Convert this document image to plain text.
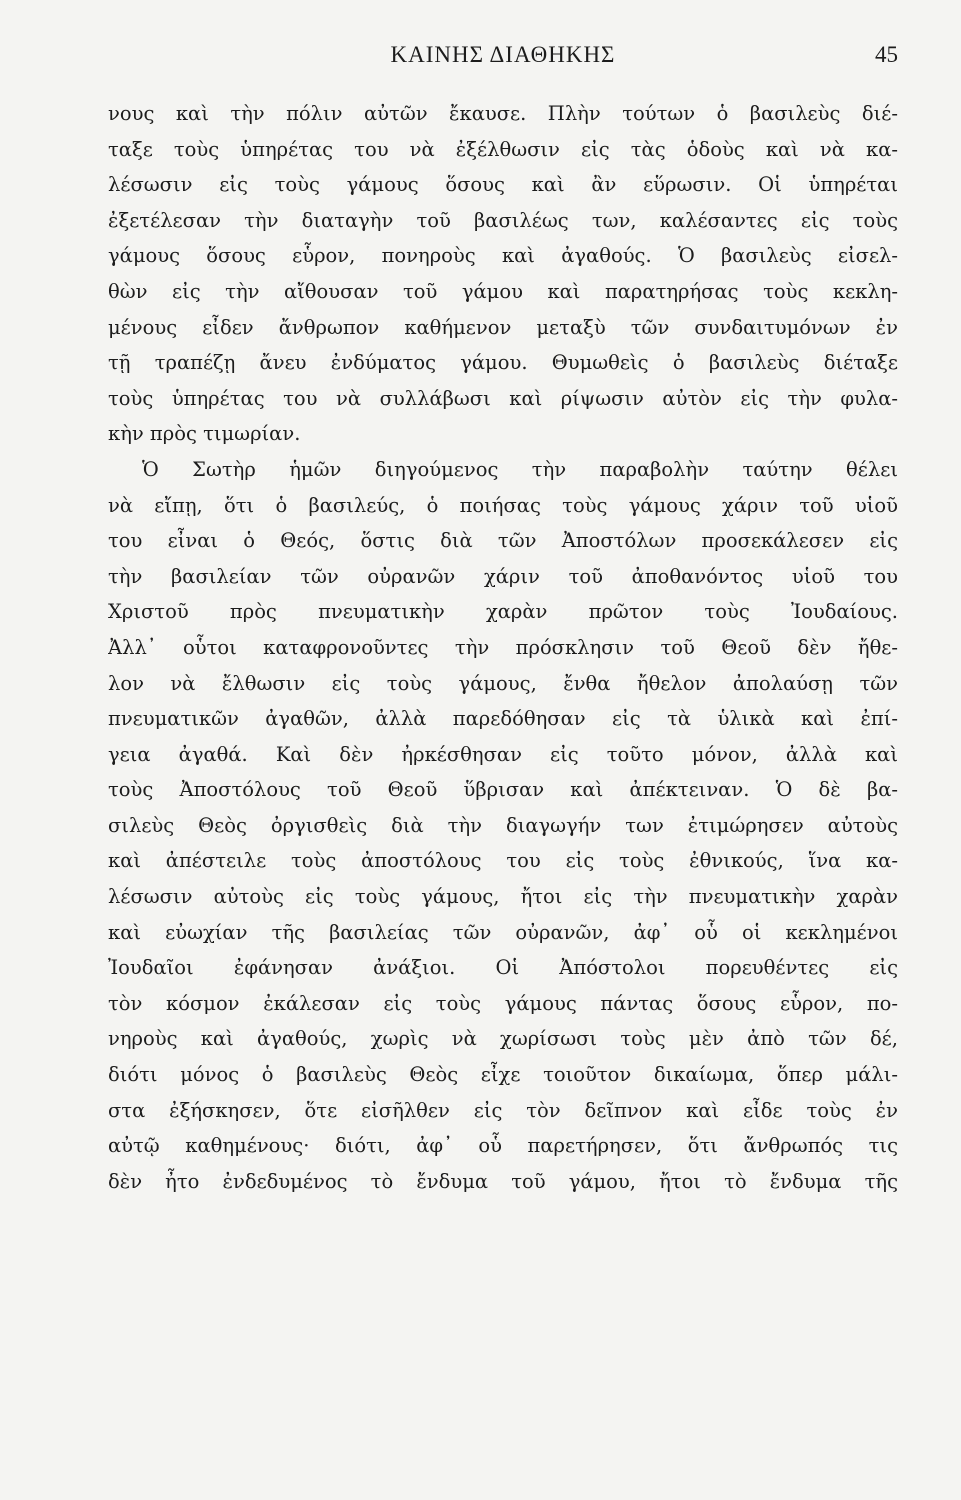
ΚΑΙΝΗΣ ΔΙΑΘΗΚΗΣ	45
νους καὶ τὴν πόλιν αὐτῶν ἔκαυσε. Πλὴν τούτων ὁ βασιλεὺς διέ-
ταξε τοὺς ὑπηρέτας του νὰ ἐξέλθωσιν εἰς τὰς ὁδοὺς καὶ νὰ κα-
λέσωσιν εἰς τοὺς γάμους ὅσους καὶ ἂν εὕρωσιν. Οἱ ὑπηρέται
ἐξετέλεσαν τὴν διαταγὴν τοῦ βασιλέως των, καλέσαντες εἰς τοὺς
γάμους ὅσους εὗρον, πονηροὺς καὶ ἀγαθούς. Ὁ βασιλεὺς εἰσελ-
θὼν εἰς τὴν αἴθουσαν τοῦ γάμου καὶ παρατηρήσας τοὺς κεκλη-
μένους εἶδεν ἄνθρωπον καθήμενον μεταξὺ τῶν συνδαιτυμόνων ἐν
τῇ τραπέζῃ ἄνευ ἐνδύματος γάμου. Θυμωθεὶς ὁ βασιλεὺς διέταξε
τοὺς ὑπηρέτας του νὰ συλλάβωσι καὶ ρίψωσιν αὐτὸν εἰς τὴν φυλα-
κὴν πρὸς τιμωρίαν.
Ὁ Σωτὴρ ἡμῶν διηγούμενος τὴν παραβολὴν ταύτην θέλει
νὰ εἴπῃ, ὅτι ὁ βασιλεύς, ὁ ποιήσας τοὺς γάμους χάριν τοῦ υἱοῦ
του εἶναι ὁ Θεός, ὅστις διὰ τῶν Ἀποστόλων προσεκάλεσεν εἰς
τὴν βασιλείαν τῶν οὐρανῶν χάριν τοῦ ἀποθανόντος υἱοῦ του
Χριστοῦ πρὸς πνευματικὴν χαρὰν πρῶτον τοὺς Ἰουδαίους.
Ἀλλ᾽ οὗτοι καταφρονοῦντες τὴν πρόσκλησιν τοῦ Θεοῦ δὲν ἤθε-
λον νὰ ἔλθωσιν εἰς τοὺς γάμους, ἔνθα ἤθελον ἀπολαύσῃ τῶν
πνευματικῶν ἀγαθῶν, ἀλλὰ παρεδόθησαν εἰς τὰ ὑλικὰ καὶ ἐπί-
γεια ἀγαθά. Καὶ δὲν ἠρκέσθησαν εἰς τοῦτο μόνον, ἀλλὰ καὶ
τοὺς Ἀποστόλους τοῦ Θεοῦ ὕβρισαν καὶ ἀπέκτειναν. Ὁ δὲ βα-
σιλεὺς Θεὸς ὀργισθεὶς διὰ τὴν διαγωγήν των ἐτιμώρησεν αὐτοὺς
καὶ ἀπέστειλε τοὺς ἀποστόλους του εἰς τοὺς ἐθνικούς, ἵνα κα-
λέσωσιν αὐτοὺς εἰς τοὺς γάμους, ἤτοι εἰς τὴν πνευματικὴν χαρὰν
καὶ εὐωχίαν τῆς βασιλείας τῶν οὐρανῶν, ἀφ᾽ οὗ οἱ κεκλημένοι
Ἰουδαῖοι ἐφάνησαν ἀνάξιοι. Οἱ Ἀπόστολοι πορευθέντες εἰς
τὸν κόσμον ἐκάλεσαν εἰς τοὺς γάμους πάντας ὅσους εὗρον, πο-
νηροὺς καὶ ἀγαθούς, χωρὶς νὰ χωρίσωσι τοὺς μὲν ἀπὸ τῶν δέ,
διότι μόνος ὁ βασιλεὺς Θεὸς εἶχε τοιοῦτον δικαίωμα, ὅπερ μάλι-
στα ἐξήσκησεν, ὅτε εἰσῆλθεν εἰς τὸν δεῖπνον καὶ εἶδε τοὺς ἐν
αὐτῷ καθημένους· διότι, ἀφ᾽ οὗ παρετήρησεν, ὅτι ἄνθρωπός τις
δὲν ἦτο ἐνδεδυμένος τὸ ἔνδυμα τοῦ γάμου, ἤτοι τὸ ἔνδυμα τῆς
